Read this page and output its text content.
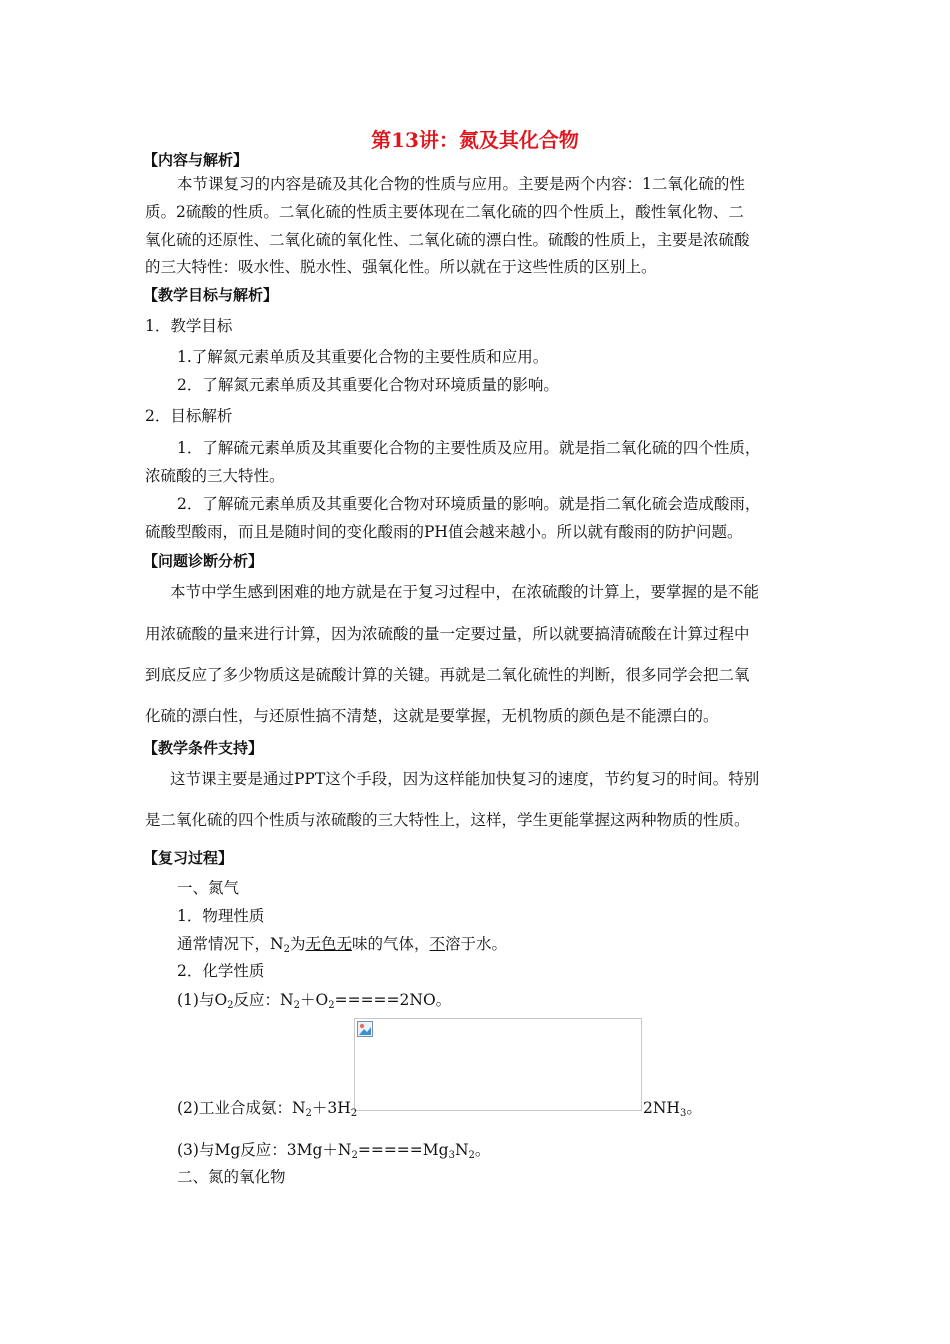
第13讲：氮及其化合物
【内容与解析】
本节课复习的内容是硫及其化合物的性质与应用。主要是两个内容：1二氧化硫的性
质。2硫酸的性质。二氧化硫的性质主要体现在二氧化硫的四个性质上，酸性氧化物、二
氧化硫的还原性、二氧化硫的氧化性、二氧化硫的漂白性。硫酸的性质上，主要是浓硫酸
的三大特性：吸水性、脱水性、强氧化性。所以就在于这些性质的区别上。
【教学目标与解析】
1．教学目标
1.了解氮元素单质及其重要化合物的主要性质和应用。
2．了解氮元素单质及其重要化合物对环境质量的影响。
2．目标解析
1．了解硫元素单质及其重要化合物的主要性质及应用。就是指二氧化硫的四个性质，
浓硫酸的三大特性。
2．了解硫元素单质及其重要化合物对环境质量的影响。就是指二氧化硫会造成酸雨，
硫酸型酸雨，而且是随时间的变化酸雨的PH值会越来越小。所以就有酸雨的防护问题。
【问题诊断分析】
本节中学生感到困难的地方就是在于复习过程中，在浓硫酸的计算上，要掌握的是不能
用浓硫酸的量来进行计算，因为浓硫酸的量一定要过量，所以就要搞清硫酸在计算过程中
到底反应了多少物质这是硫酸计算的关键。再就是二氧化硫性的判断，很多同学会把二氧
化硫的漂白性，与还原性搞不清楚，这就是要掌握，无机物质的颜色是不能漂白的。
【教学条件支持】
这节课主要是通过PPT这个手段，因为这样能加快复习的速度，节约复习的时间。特别
是二氧化硫的四个性质与浓硫酸的三大特性上，这样，学生更能掌握这两种物质的性质。
【复习过程】
一、氮气
1．物理性质
通常情况下，$N_2$为无色无味的气体，不溶于水。
2．化学性质
(1)与$O_2$反应：$N_2+O_2=====2NO$。
(2)工业合成氨：$N_2+3H_2$	$2NH_3$。
(3)与Mg反应：$3Mg+N_2=====Mg_3N_2$。
二、氮的氧化物
